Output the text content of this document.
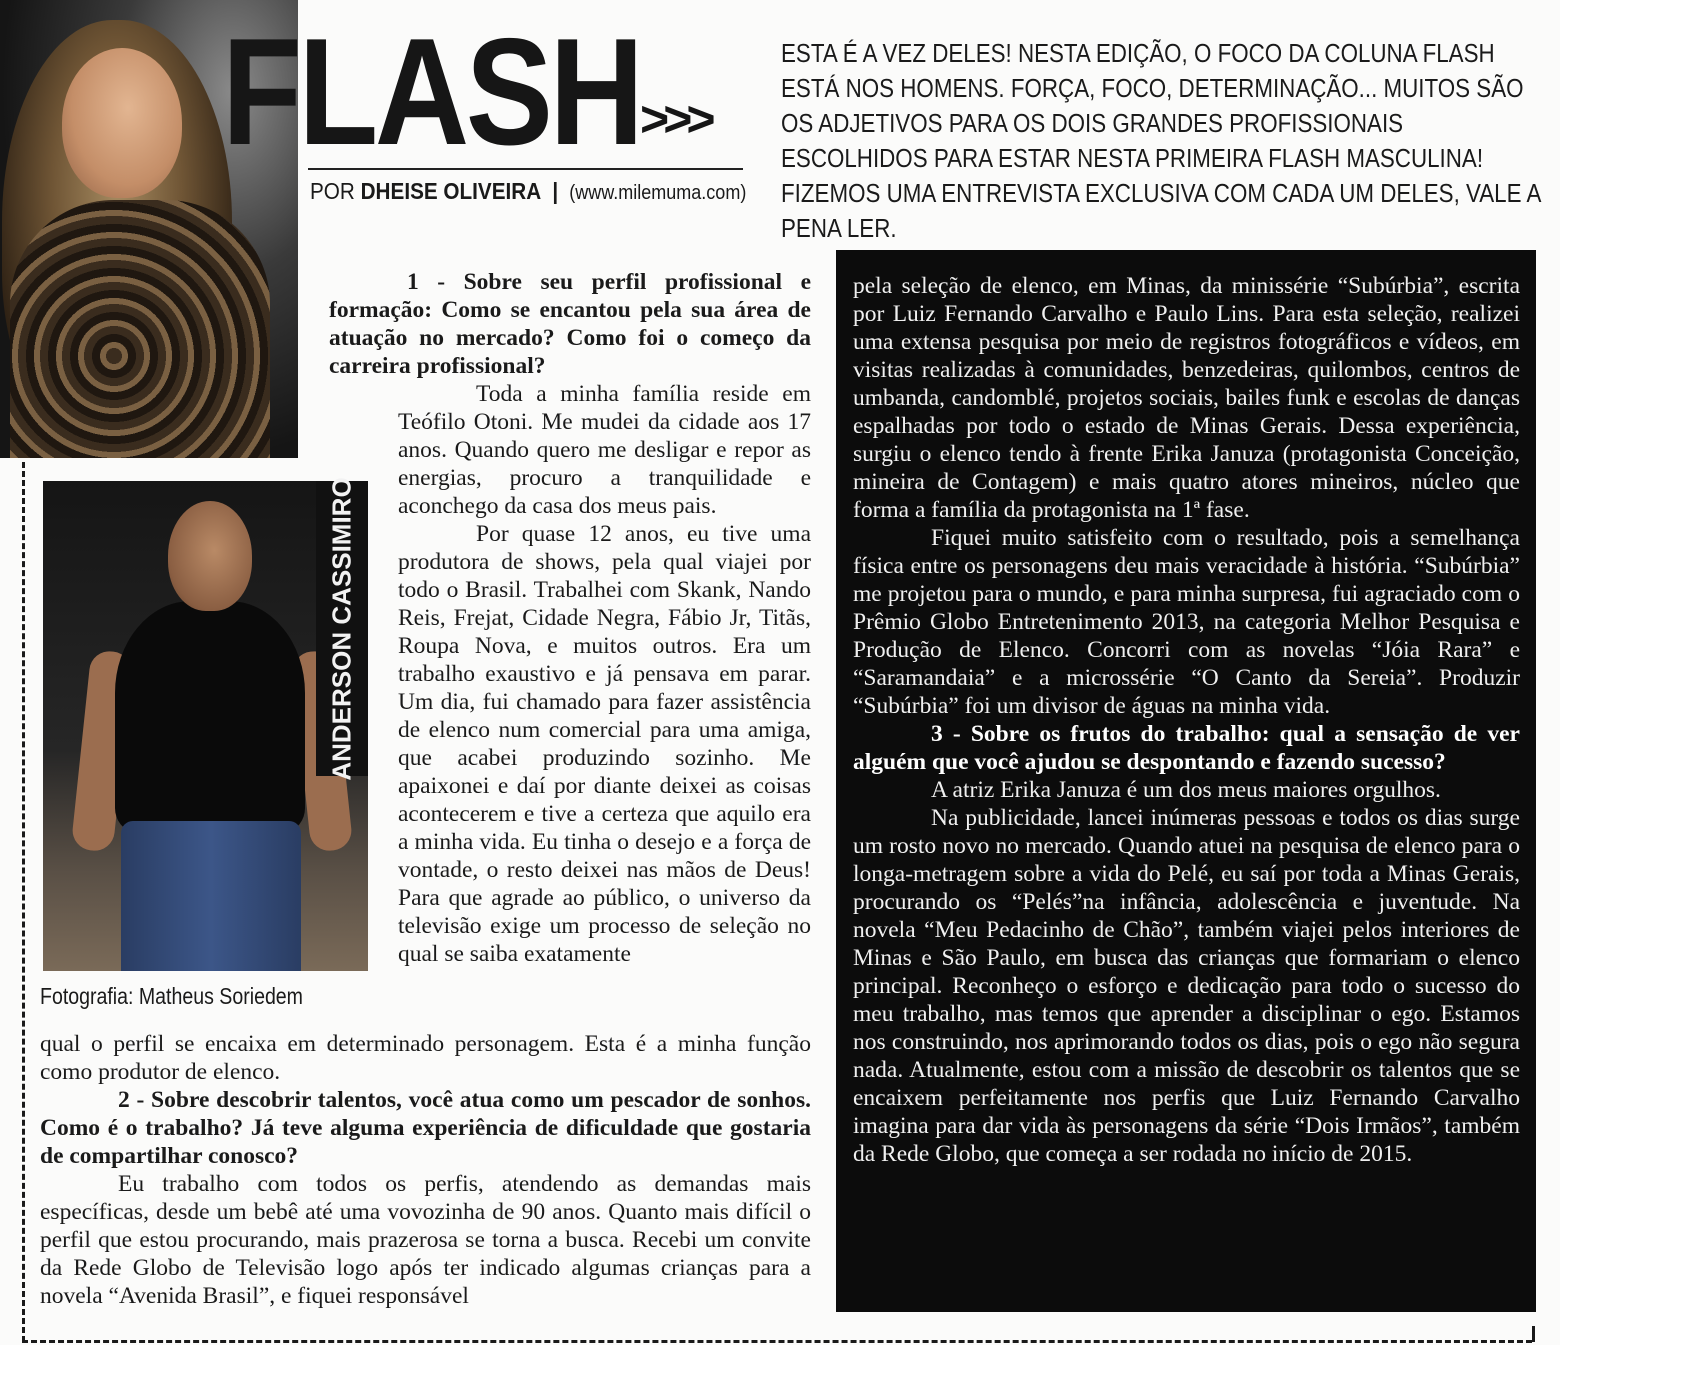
FLASH >>>
POR DHEISE OLIVEIRA | (www.milemuma.com)
ESTA É A VEZ DELES! NESTA EDIÇÃO, O FOCO DA COLUNA FLASH ESTÁ NOS HOMENS. FORÇA, FOCO, DETERMINAÇÃO... MUITOS SÃO OS ADJETIVOS PARA OS DOIS GRANDES PROFISSIONAIS ESCOLHIDOS PARA ESTAR NESTA PRIMEIRA FLASH MASCULINA! FIZEMOS UMA ENTREVISTA EXCLUSIVA COM CADA UM DELES, VALE A PENA LER.
ANDERSON CASSIMIRO
Fotografia: Matheus Soriedem
1 - Sobre seu perfil profissional e formação: Como se encantou pela sua área de atuação no mercado? Como foi o começo da carreira profissional?

Toda a minha família reside em Teófilo Otoni. Me mudei da cidade aos 17 anos. Quando quero me desligar e repor as energias, procuro a tranquilidade e aconchego da casa dos meus pais.

Por quase 12 anos, eu tive uma produtora de shows, pela qual viajei por todo o Brasil. Trabalhei com Skank, Nando Reis, Frejat, Cidade Negra, Fábio Jr, Titãs, Roupa Nova, e muitos outros. Era um trabalho exaustivo e já pensava em parar. Um dia, fui chamado para fazer assistência de elenco num comercial para uma amiga, que acabei produzindo sozinho. Me apaixonei e daí por diante deixei as coisas acontecerem e tive a certeza que aquilo era a minha vida. Eu tinha o desejo e a força de vontade, o resto deixei nas mãos de Deus! Para que agrade ao público, o universo da televisão exige um processo de seleção no qual se saiba exatamente

qual o perfil se encaixa em determinado personagem. Esta é a minha função como produtor de elenco.

2 - Sobre descobrir talentos, você atua como um pescador de sonhos. Como é o trabalho? Já teve alguma experiência de dificuldade que gostaria de compartilhar conosco?

Eu trabalho com todos os perfis, atendendo as demandas mais específicas, desde um bebê até uma vovozinha de 90 anos. Quanto mais difícil o perfil que estou procurando, mais prazerosa se torna a busca. Recebi um convite da Rede Globo de Televisão logo após ter indicado algumas crianças para a novela “Avenida Brasil”, e fiquei responsável

pela seleção de elenco, em Minas, da minissérie “Subúrbia”, escrita por Luiz Fernando Carvalho e Paulo Lins. Para esta seleção, realizei uma extensa pesquisa por meio de registros fotográficos e vídeos, em visitas realizadas à comunidades, benzedeiras, quilombos, centros de umbanda, candomblé, projetos sociais, bailes funk e escolas de danças espalhadas por todo o estado de Minas Gerais. Dessa experiência, surgiu o elenco tendo à frente Erika Januza (protagonista Conceição, mineira de Contagem) e mais quatro atores mineiros, núcleo que forma a família da protagonista na 1ª fase.

Fiquei muito satisfeito com o resultado, pois a semelhança física entre os personagens deu mais veracidade à história. “Subúrbia” me projetou para o mundo, e para minha surpresa, fui agraciado com o Prêmio Globo Entretenimento 2013, na categoria Melhor Pesquisa e Produção de Elenco. Concorri com as novelas “Jóia Rara” e “Saramandaia” e a microssérie “O Canto da Sereia”. Produzir “Subúrbia” foi um divisor de águas na minha vida.

3 - Sobre os frutos do trabalho: qual a sensação de ver alguém que você ajudou se despontando e fazendo sucesso?

A atriz Erika Januza é um dos meus maiores orgulhos.

Na publicidade, lancei inúmeras pessoas e todos os dias surge um rosto novo no mercado. Quando atuei na pesquisa de elenco para o longa-metragem sobre a vida do Pelé, eu saí por toda a Minas Gerais, procurando os “Pelés”na infância, adolescência e juventude. Na novela “Meu Pedacinho de Chão”, também viajei pelos interiores de Minas e São Paulo, em busca das crianças que formariam o elenco principal. Reconheço o esforço e dedicação para todo o sucesso do meu trabalho, mas temos que aprender a disciplinar o ego. Estamos nos construindo, nos aprimorando todos os dias, pois o ego não segura nada. Atualmente, estou com a missão de descobrir os talentos que se encaixem perfeitamente nos perfis que Luiz Fernando Carvalho imagina para dar vida às personagens da série “Dois Irmãos”, também da Rede Globo, que começa a ser rodada no início de 2015.
